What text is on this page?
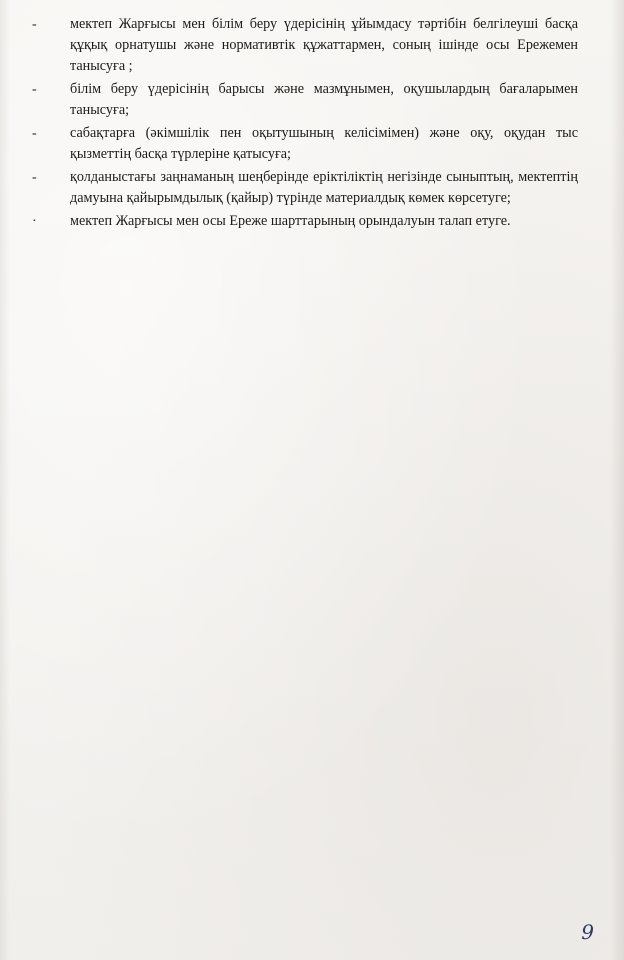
- мектеп Жарғысы мен білім беру үдерісінің ұйымдасу тәртібін белгілеуші басқа құқық орнатушы және нормативтік құжаттармен, соның ішінде осы Ережемен танысуға ;
- білім беру үдерісінің барысы және мазмұнымен, оқушылардың бағаларымен танысуға;
- сабақтарға (әкімшілік пен оқытушының келісімімен) және оқу, оқудан тыс қызметтің басқа түрлеріне қатысуға;
- қолданыстағы заңнаманың шеңберінде еріктіліктің негізінде сыныптың, мектептің дамуына қайырымдылық (қайыр) түрінде материалдық көмек көрсетуге;
· мектеп Жарғысы мен осы Ереже шарттарының орындалуын талап етуге.
9
